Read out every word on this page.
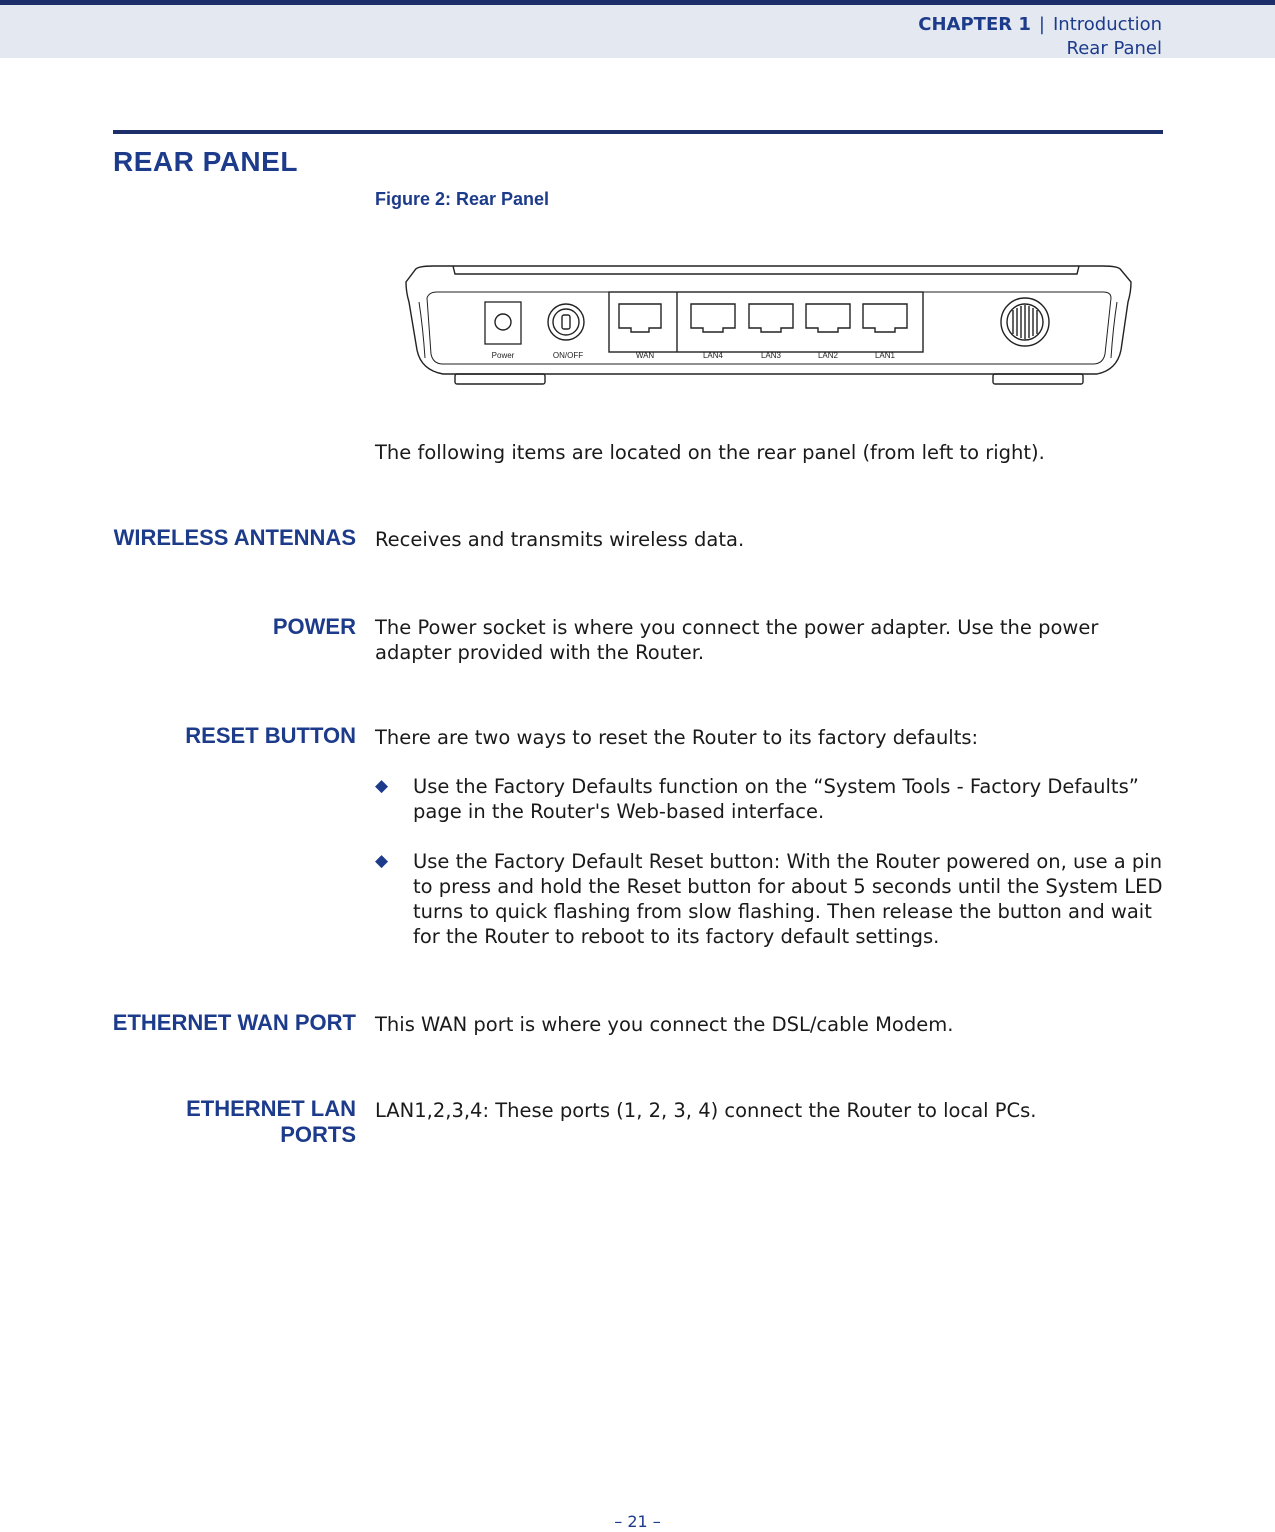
CHAPTER 1 | Introduction
Rear Panel
REAR PANEL
Figure 2: Rear Panel
Power	ON/OFF	WAN	LAN4	LAN3	LAN2	LAN1
The following items are located on the rear panel (from left to right).
WIRELESS ANTENNAS Receives and transmits wireless data.
POWER The Power socket is where you connect the power adapter. Use the power adapter provided with the Router.
RESET BUTTON There are two ways to reset the Router to its factory defaults:
◆ Use the Factory Defaults function on the “System Tools - Factory Defaults” page in the Router's Web-based interface.
◆ Use the Factory Default Reset button: With the Router powered on, use a pin to press and hold the Reset button for about 5 seconds until the System LED turns to quick flashing from slow flashing. Then release the button and wait for the Router to reboot to its factory default settings.
ETHERNET WAN PORT This WAN port is where you connect the DSL/cable Modem.
ETHERNET LAN
PORTS
LAN1,2,3,4: These ports (1, 2, 3, 4) connect the Router to local PCs.
– 21 –
